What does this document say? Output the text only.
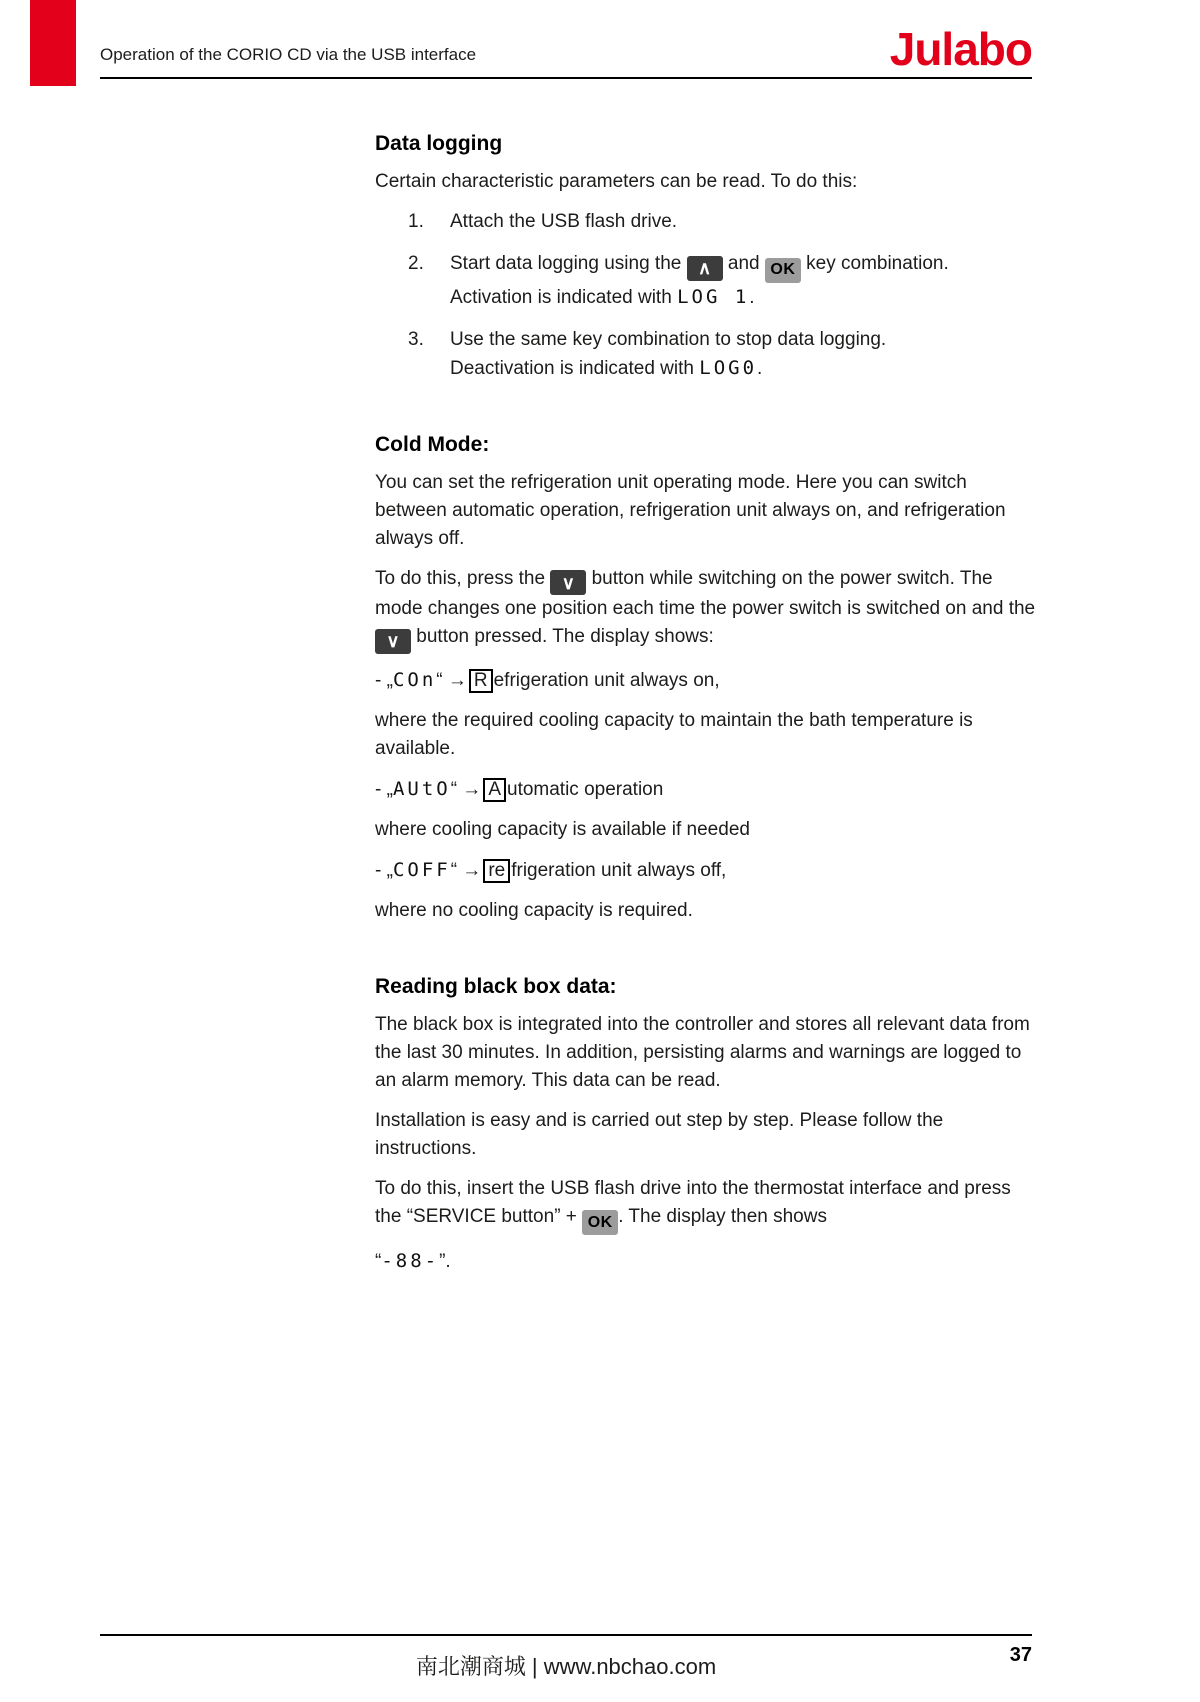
Operation of the CORIO CD via the USB interface	Julabo
Data logging

Certain characteristic parameters can be read. To do this:

1.	Attach the USB flash drive.
2.	Start data logging using the ∧ and OK key combination.
Activation is indicated with LOG 1.
3.	Use the same key combination to stop data logging.
Deactivation is indicated with LOG0.
Cold Mode:

You can set the refrigeration unit operating mode. Here you can switch between automatic operation, refrigeration unit always on, and refrigeration always off.

To do this, press the ∨ button while switching on the power switch. The mode changes one position each time the power switch is switched on and the ∨ button pressed. The display shows:

- „COn“ → R efrigeration unit always on,

where the required cooling capacity to maintain the bath temperature is available.

- „AUtO“ → A utomatic operation

where cooling capacity is available if needed

- „COFF“ → re frigeration unit always off,

where no cooling capacity is required.

Reading black box data:

The black box is integrated into the controller and stores all relevant data from the last 30 minutes. In addition, persisting alarms and warnings are logged to an alarm memory. This data can be read.

Installation is easy and is carried out step by step. Please follow the instructions.

To do this, insert the USB flash drive into the thermostat interface and press the “SERVICE button” + OK . The display then shows

“-88-”.

南北潮商城 | www.nbchao.com	37
